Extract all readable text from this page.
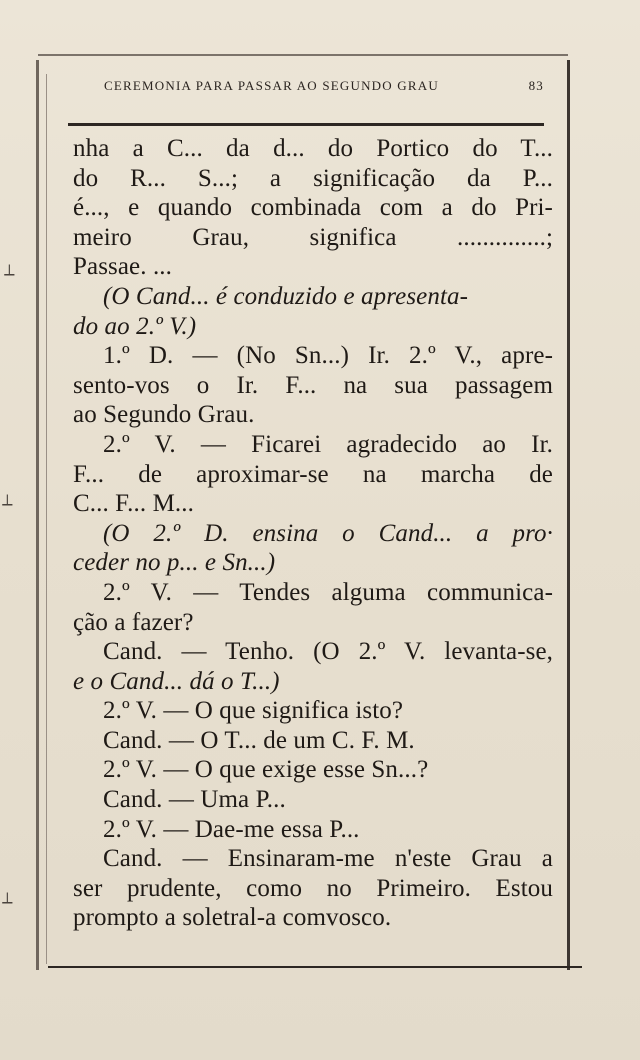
⟂
⟂
⟂
CEREMONIA PARA PASSAR AO SEGUNDO GRAU	83
nha a C... da d... do Portico do T...
do R... S...; a significação da P...
é..., e quando combinada com a do Pri-
meiro Grau, significa ..............;
Passae. ...
(O Cand... é conduzido e apresenta-
do ao 2.º V.)
1.º D. — (No Sn...) Ir. 2.º V., apre-
sento-vos o Ir. F... na sua passagem
ao Segundo Grau.
2.º V. — Ficarei agradecido ao Ir.
F... de aproximar-se na marcha de
C... F... M...
(O 2.º D. ensina o Cand... a pro·
ceder no p... e Sn...)
2.º V. — Tendes alguma communica-
ção a fazer?
Cand. — Tenho. (O 2.º V. levanta-se,
e o Cand... dá o T...)
2.º V. — O que significa isto?
Cand. — O T... de um C. F. M.
2.º V. — O que exige esse Sn...?
Cand. — Uma P...
2.º V. — Dae-me essa P...
Cand. — Ensinaram-me n'este Grau a
ser prudente, como no Primeiro. Estou
prompto a soletral-a comvosco.
